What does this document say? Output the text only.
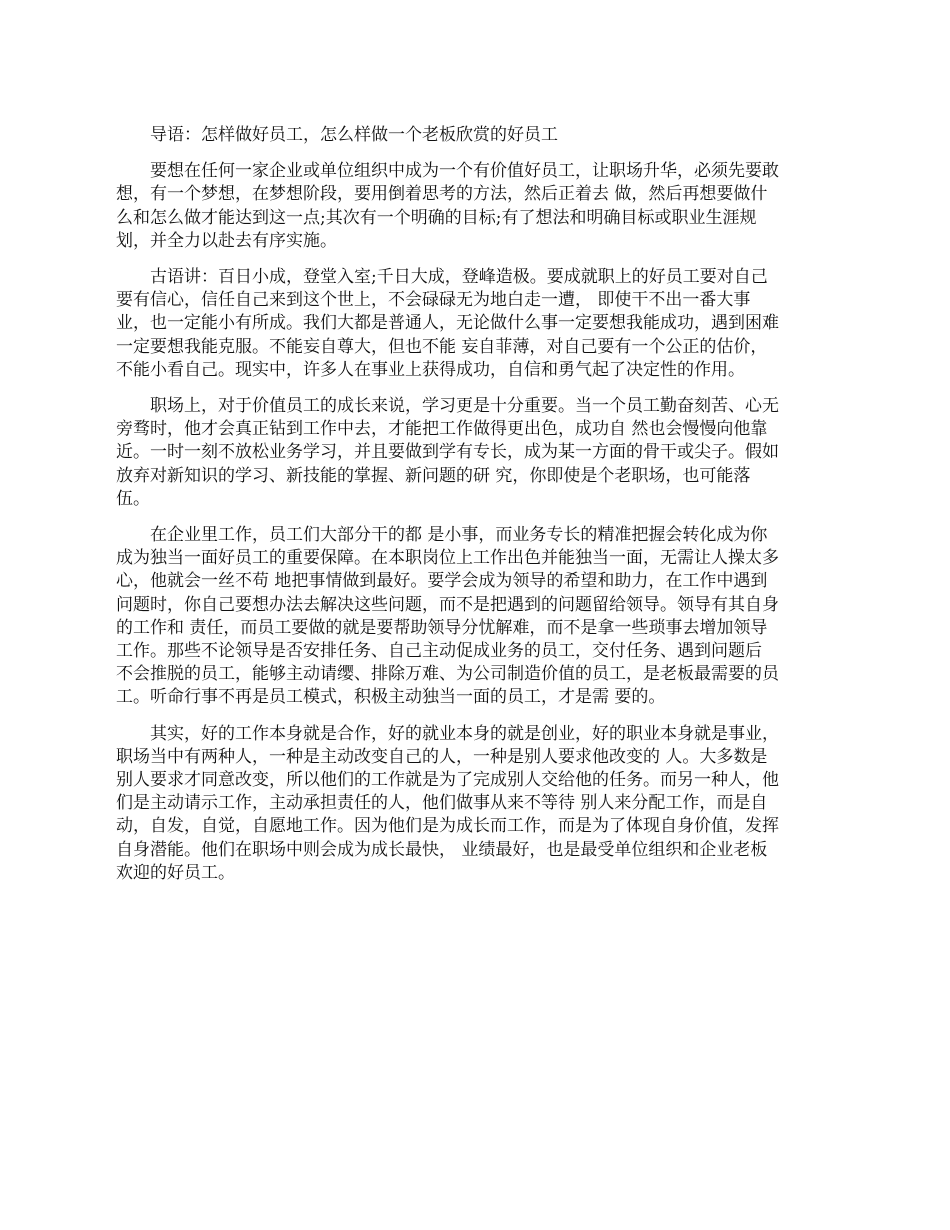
导语：怎样做好员工，怎么样做一个老板欣赏的好员工
要想在任何一家企业或单位组织中成为一个有价值好员工，让职场升华，必须先要敢
想，有一个梦想，在梦想阶段，要用倒着思考的方法，然后正着去 做，然后再想要做什
么和怎么做才能达到这一点;其次有一个明确的目标;有了想法和明确目标或职业生涯规
划，并全力以赴去有序实施。
古语讲：百日小成，登堂入室;千日大成，登峰造极。要成就职上的好员工要对自己
要有信心，信任自己来到这个世上，不会碌碌无为地白走一遭， 即使干不出一番大事
业，也一定能小有所成。我们大都是普通人，无论做什么事一定要想我能成功，遇到困难
一定要想我能克服。不能妄自尊大，但也不能 妄自菲薄，对自己要有一个公正的估价，
不能小看自己。现实中，许多人在事业上获得成功，自信和勇气起了决定性的作用。
职场上，对于价值员工的成长来说，学习更是十分重要。当一个员工勤奋刻苦、心无
旁骛时，他才会真正钻到工作中去，才能把工作做得更出色，成功自 然也会慢慢向他靠
近。一时一刻不放松业务学习，并且要做到学有专长，成为某一方面的骨干或尖子。假如
放弃对新知识的学习、新技能的掌握、新问题的研 究，你即使是个老职场，也可能落
伍。
在企业里工作，员工们大部分干的都 是小事，而业务专长的精准把握会转化成为你
成为独当一面好员工的重要保障。在本职岗位上工作出色并能独当一面，无需让人操太多
心，他就会一丝不苟 地把事情做到最好。要学会成为领导的希望和助力，在工作中遇到
问题时，你自己要想办法去解决这些问题，而不是把遇到的问题留给领导。领导有其自身
的工作和 责任，而员工要做的就是要帮助领导分忧解难，而不是拿一些琐事去增加领导
工作。那些不论领导是否安排任务、自己主动促成业务的员工，交付任务、遇到问题后
不会推脱的员工，能够主动请缨、排除万难、为公司制造价值的员工，是老板最需要的员
工。听命行事不再是员工模式，积极主动独当一面的员工，才是需 要的。
其实，好的工作本身就是合作，好的就业本身的就是创业，好的职业本身就是事业，
职场当中有两种人，一种是主动改变自己的人，一种是别人要求他改变的 人。大多数是
别人要求才同意改变，所以他们的工作就是为了完成别人交给他的任务。而另一种人，他
们是主动请示工作，主动承担责任的人，他们做事从来不等待 别人来分配工作，而是自
动，自发，自觉，自愿地工作。因为他们是为成长而工作，而是为了体现自身价值，发挥
自身潜能。他们在职场中则会成为成长最快， 业绩最好，也是最受单位组织和企业老板
欢迎的好员工。
